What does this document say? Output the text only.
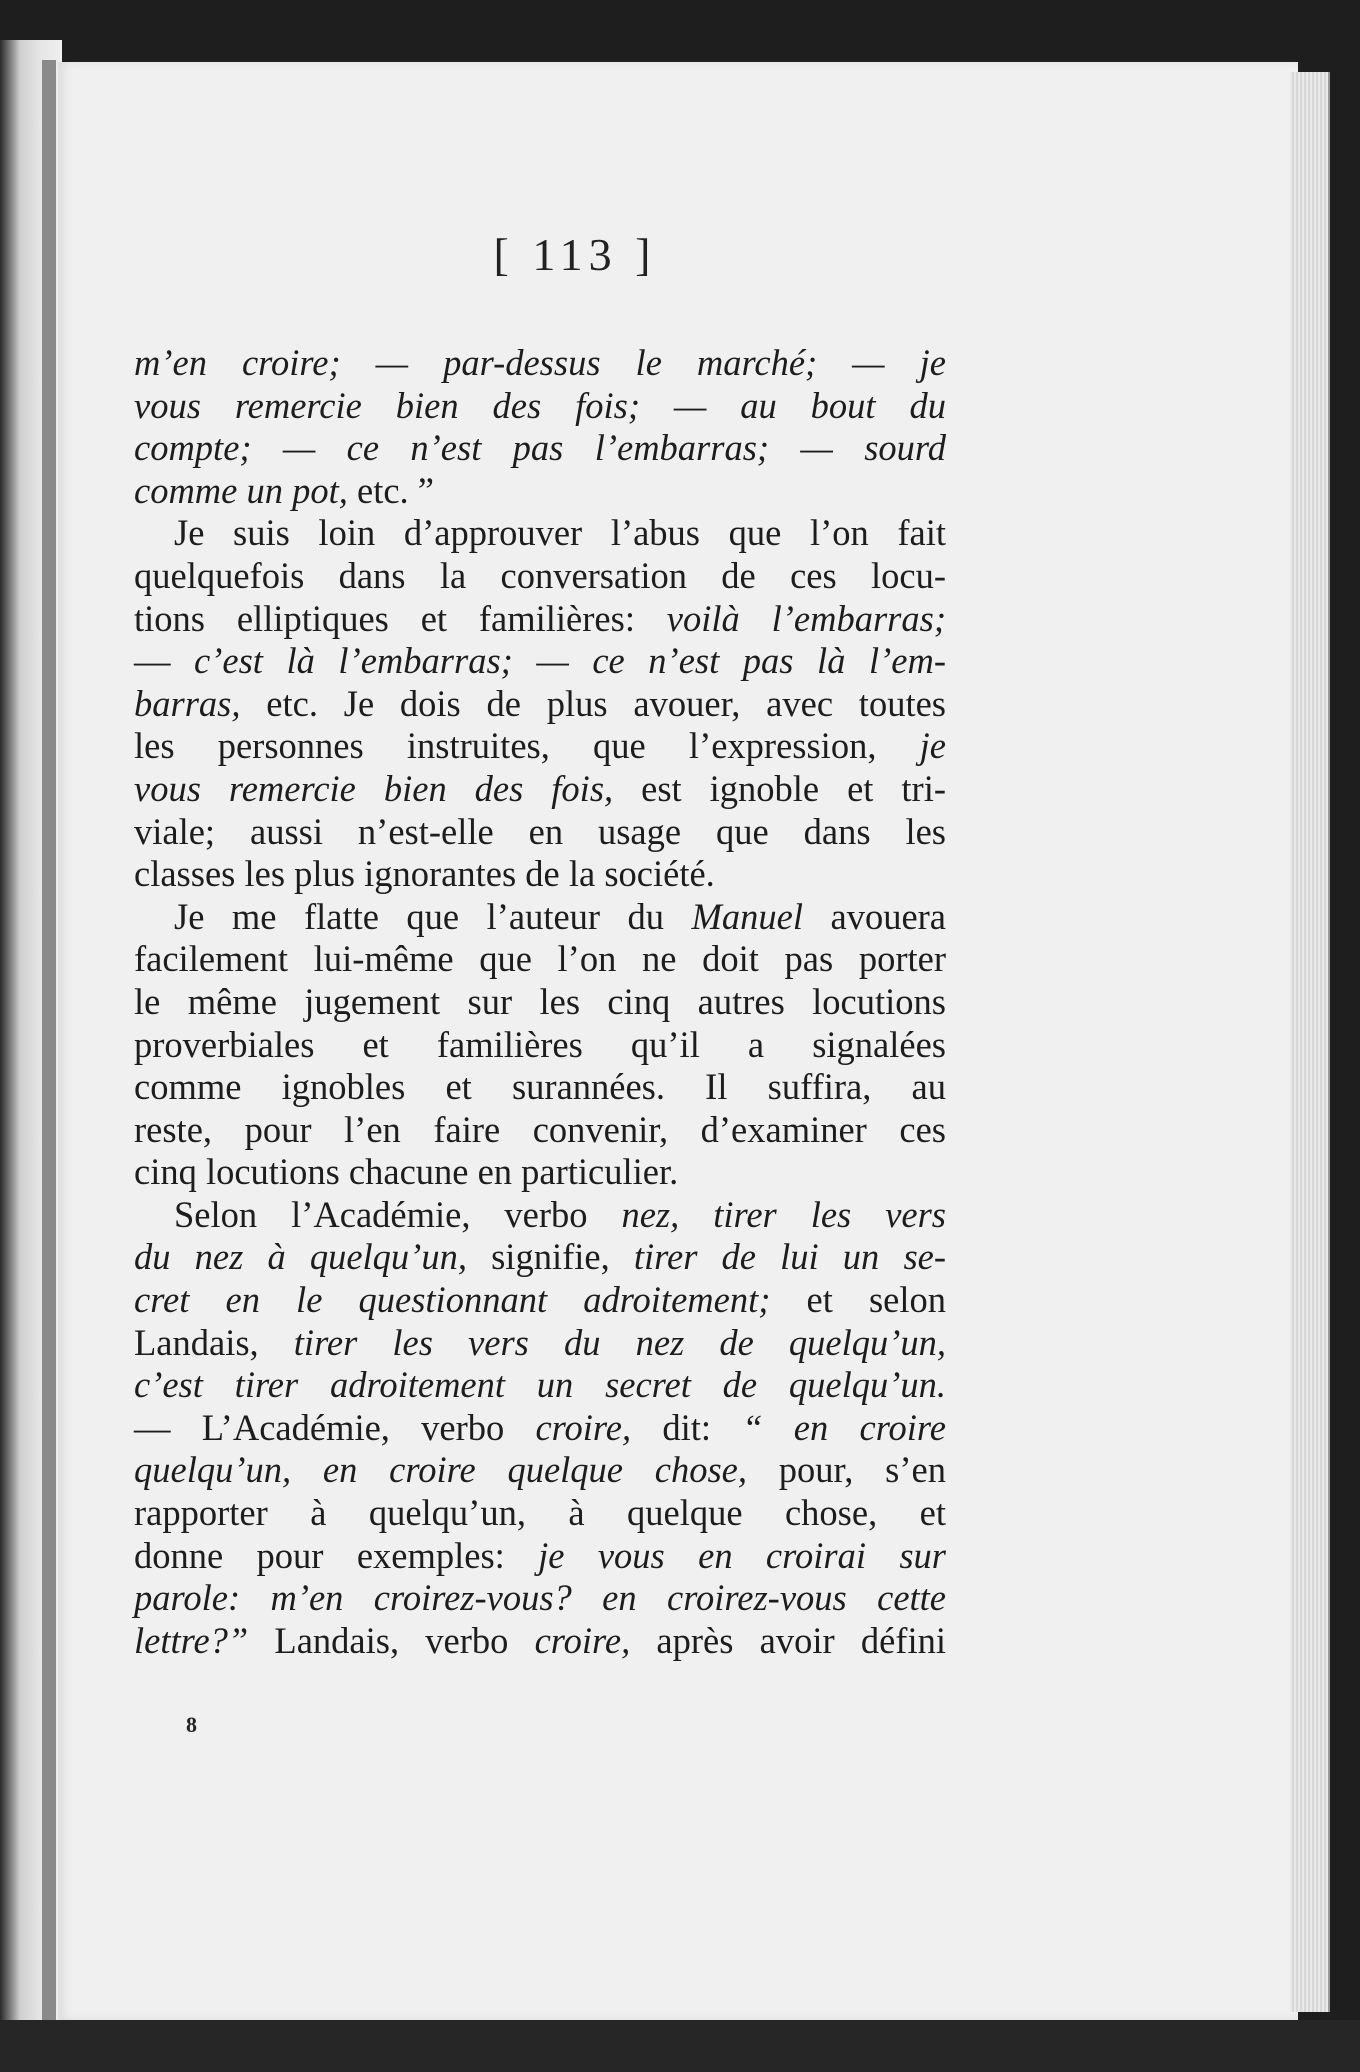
[ 113 ]
m’en croire; — par-dessus le marché; — je
vous remercie bien des fois; — au bout du
compte; — ce n’est pas l’embarras; — sourd
comme un pot, etc. ”
Je suis loin d’approuver l’abus que l’on fait
quelquefois dans la conversation de ces locu-
tions elliptiques et familières: voilà l’embarras;
— c’est là l’embarras; — ce n’est pas là l’em-
barras, etc. Je dois de plus avouer, avec toutes
les personnes instruites, que l’expression, je
vous remercie bien des fois, est ignoble et tri-
viale; aussi n’est-elle en usage que dans les
classes les plus ignorantes de la société.
Je me flatte que l’auteur du Manuel avouera
facilement lui-même que l’on ne doit pas porter
le même jugement sur les cinq autres locutions
proverbiales et familières qu’il a signalées
comme ignobles et surannées. Il suffira, au
reste, pour l’en faire convenir, d’examiner ces
cinq locutions chacune en particulier.
Selon l’Académie, verbo nez, tirer les vers
du nez à quelqu’un, signifie, tirer de lui un se-
cret en le questionnant adroitement; et selon
Landais, tirer les vers du nez de quelqu’un,
c’est tirer adroitement un secret de quelqu’un.
— L’Académie, verbo croire, dit: “ en croire
quelqu’un, en croire quelque chose, pour, s’en
rapporter à quelqu’un, à quelque chose, et
donne pour exemples: je vous en croirai sur
parole: m’en croirez-vous? en croirez-vous cette
lettre?” Landais, verbo croire, après avoir défini
8
